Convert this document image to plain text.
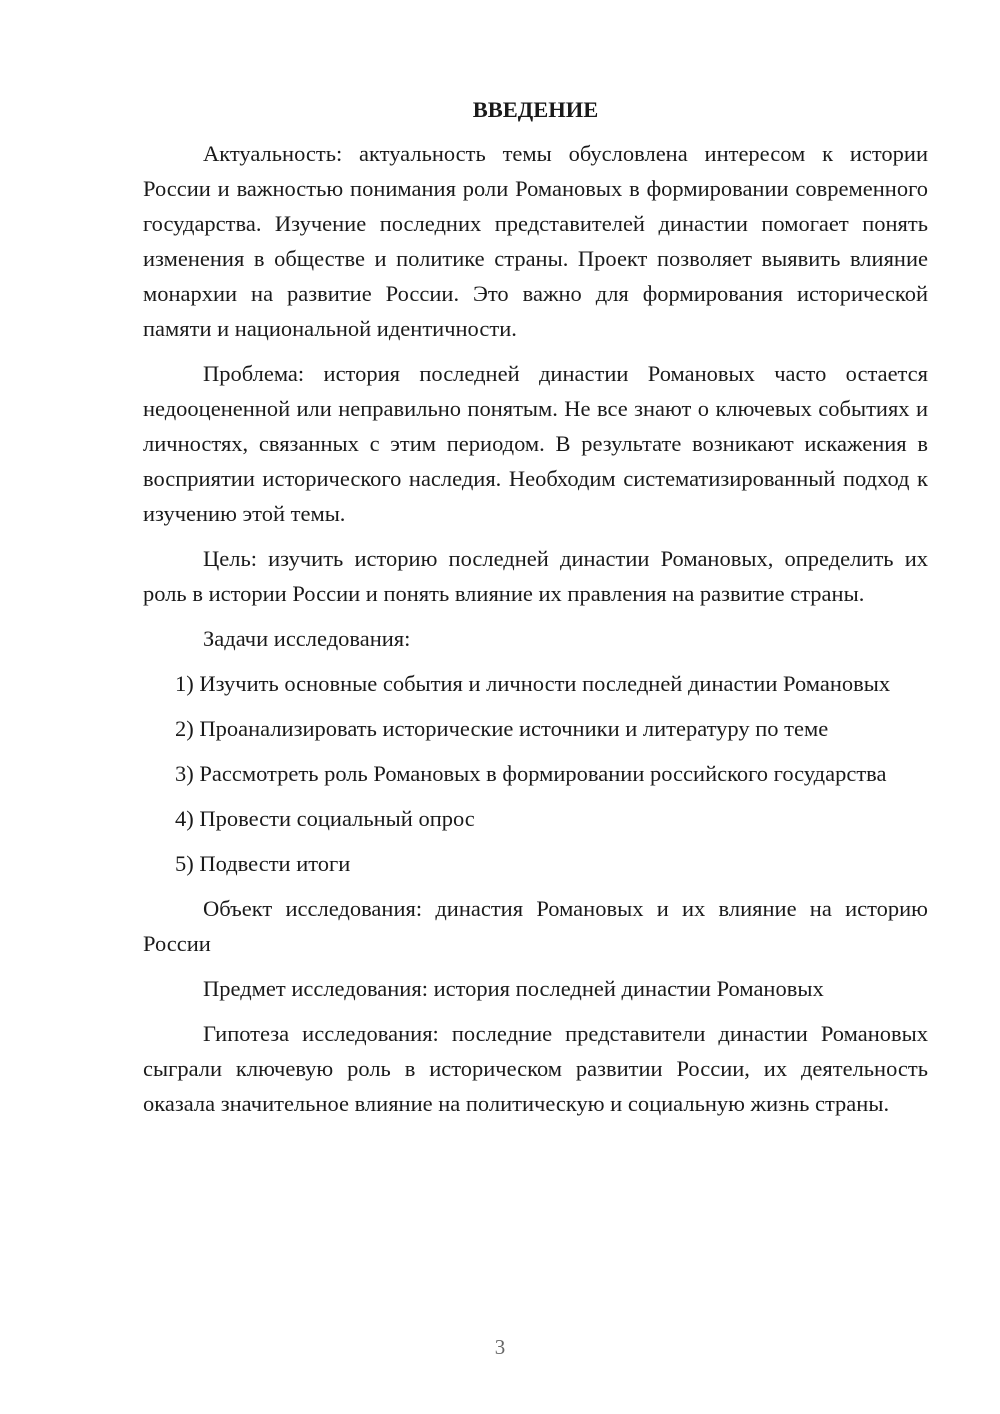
ВВЕДЕНИЕ

Актуальность: актуальность темы обусловлена интересом к истории России и важностью понимания роли Романовых в формировании современного государства. Изучение последних представителей династии помогает понять изменения в обществе и политике страны. Проект позволяет выявить влияние монархии на развитие России. Это важно для формирования исторической памяти и национальной идентичности.

Проблема: история последней династии Романовых часто остается недооцененной или неправильно понятым. Не все знают о ключевых событиях и личностях, связанных с этим периодом. В результате возникают искажения в восприятии исторического наследия. Необходим систематизированный подход к изучению этой темы.

Цель: изучить историю последней династии Романовых, определить их роль в истории России и понять влияние их правления на развитие страны.

Задачи исследования:

1) Изучить основные события и личности последней династии Романовых

2) Проанализировать исторические источники и литературу по теме

3) Рассмотреть роль Романовых в формировании российского государства

4) Провести социальный опрос

5) Подвести итоги

Объект исследования: династия Романовых и их влияние на историю России

Предмет исследования: история последней династии Романовых

Гипотеза исследования: последние представители династии Романовых сыграли ключевую роль в историческом развитии России, их деятельность оказала значительное влияние на политическую и социальную жизнь страны.

3
